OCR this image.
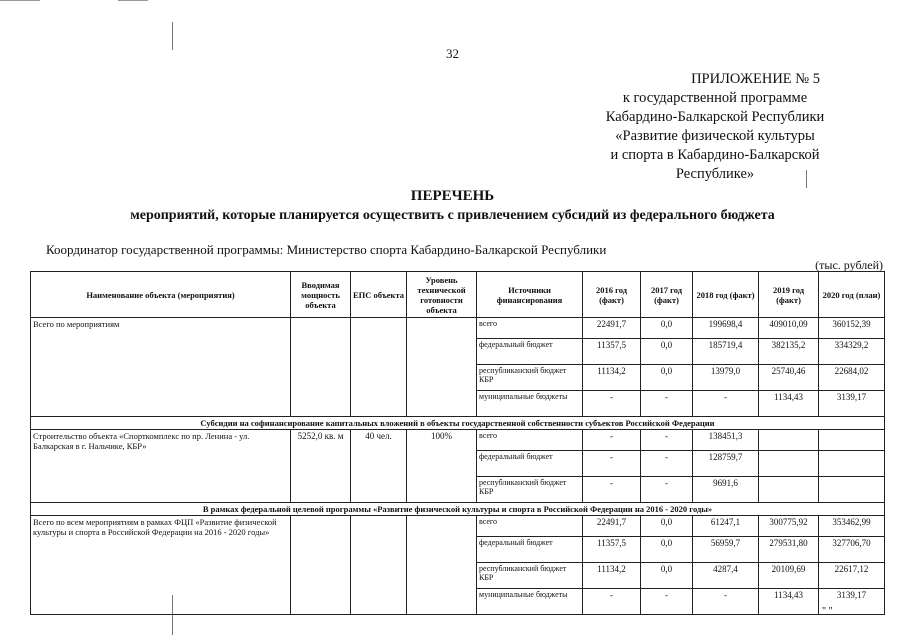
32
ПРИЛОЖЕНИЕ № 5
к государственной программе
Кабардино-Балкарской Республики
«Развитие физической культуры
и спорта в Кабардино-Балкарской
Республике»
ПЕРЕЧЕНЬ
мероприятий, которые планируется осуществить с привлечением субсидий из федерального бюджета
Координатор государственной программы: Министерство спорта Кабардино-Балкарской Республики
(тыс. рублей)
Наименование объекта (мероприятия)	Вводимая мощность объекта	ЕПС объекта	Уровень технической готовности объекта	Источники финансирования	2016 год (факт)	2017 год (факт)	2018 год (факт)	2019 год (факт)	2020 год (план)
Всего по мероприятиям				всего	22491,7	0,0	199698,4	409010,09	360152,39
				федеральный бюджет	11357,5	0,0	185719,4	382135,2	334329,2
				республиканский бюджет КБР	11134,2	0,0	13979,0	25740,46	22684,02
				муниципальные бюджеты	-	-	-	1134,43	3139,17
Субсидии на софинансирование капитальных вложений в объекты государственной собственности субъектов Российской Федерации									
Строительство объекта «Спорткомплекс по пр. Ленина - ул. Балкарская в г. Нальчике, КБР»	5252,0 кв. м	40 чел.	100%	всего	-	-	138451,3		
				федеральный бюджет	-	-	128759,7		
				республиканский бюджет КБР	-	-	9691,6		
В рамках федеральной целевой программы «Развитие физической культуры и спорта в Российской Федерации на 2016 - 2020 годы»									
Всего по всем мероприятиям в рамках ФЦП «Развитие физической культуры и спорта в Российской Федерации на 2016 - 2020 годы»				всего	22491,7	0,0	61247,1	300775,92	353462,99
				федеральный бюджет	11357,5	0,0	56959,7	279531,80	327706,70
				республиканский бюджет КБР	11134,2	0,0	4287,4	20109,69	22617,12
				муниципальные бюджеты	-	-	-	1134,43	3139,17
" "
